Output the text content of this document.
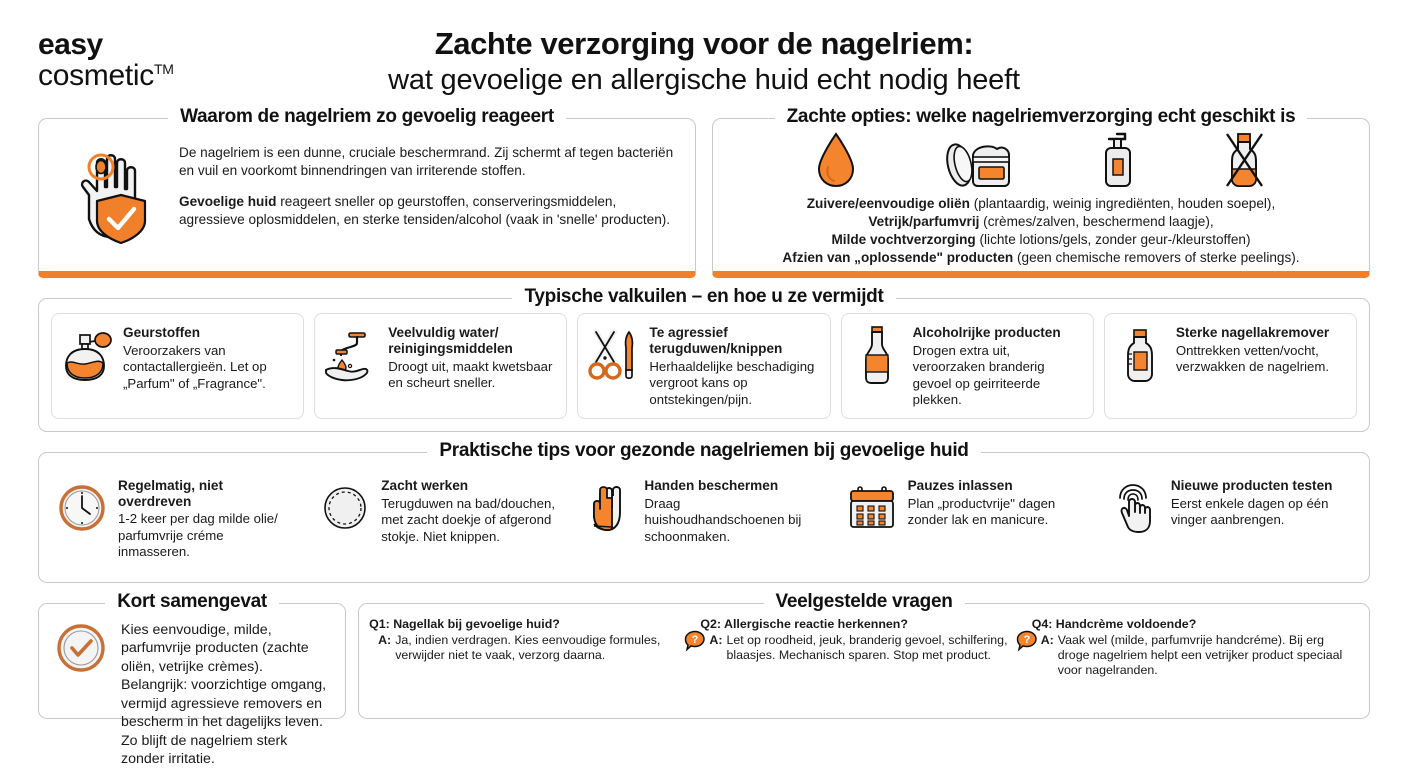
easy
cosmetic™
Zachte verzorging voor de nagelriem:
wat gevoelige en allergische huid echt nodig heeft
Waarom de nagelriem zo gevoelig reageert

De nagelriem is een dunne, cruciale beschermrand. Zij schermt af tegen bacteriën en vuil en voorkomt binnendringen van irriterende stoffen.

Gevoelige huid reageert sneller op geurstoffen, conserveringsmiddelen, agressieve oplosmiddelen, en sterke tensiden/alcohol (vaak in 'snelle' producten).

Zachte opties: welke nagelriemverzorging echt geschikt is
Zuivere/eenvoudige oliën (plantaardig, weinig ingrediënten, houden soepel),
Vetrijk/parfumvrij (crèmes/zalven, beschermend laagje),
Milde vochtverzorging (lichte lotions/gels, zonder geur-/kleurstoffen)
Afzien van „oplossende" producten (geen chemische removers of sterke peelings).
Typische valkuilen – en hoe u ze vermijdt
Geurstoffen
Veroorzakers van contactallergieën. Let op „Parfum" of „Fragrance".
Veelvuldig water/ reinigingsmiddelen
Droogt uit, maakt kwetsbaar en scheurt sneller.
Te agressief terugduwen/knippen
Herhaaldelijke beschadiging vergroot kans op ontstekingen/pijn.
Alcoholrijke producten
Drogen extra uit, veroorzaken branderig gevoel op geirriteerde plekken.
Sterke nagellakremover
Onttrekken vetten/vocht, verzwakken de nagelriem.
Praktische tips voor gezonde nagelriemen bij gevoelige huid
Regelmatig, niet overdreven
1-2 keer per dag milde olie/ parfumvrije créme inmasseren.
Zacht werken
Terugduwen na bad/douchen, met zacht doekje of afgerond stokje. Niet knippen.
Handen beschermen
Draag huishoudhandschoenen bij schoonmaken.
Pauzes inlassen
Plan „productvrije" dagen zonder lak en manicure.
Nieuwe producten testen
Eerst enkele dagen op één vinger aanbrengen.
Kort samengevat
Kies eenvoudige, milde, parfumvrije producten (zachte oliën, vetrijke crèmes). Belangrijk: voorzichtige omgang, vermijd agressieve removers en bescherm in het dagelijks leven. Zo blijft de nagelriem sterk zonder irritatie.
Veelgestelde vragen
Q1: Nagellak bij gevoelige huid?
A: Ja, indien verdragen. Kies eenvoudige formules, verwijder niet te vaak, verzorg daarna.
Q2: Allergische reactie herkennen?
? A: Let op roodheid, jeuk, branderig gevoel, schilfering, blaasjes. Mechanisch sparen. Stop met product.
Q4: Handcrème voldoende?
? A: Vaak wel (milde, parfumvrije handcréme). Bij erg droge nagelriem helpt een vetrijker product speciaal voor nagelranden.
